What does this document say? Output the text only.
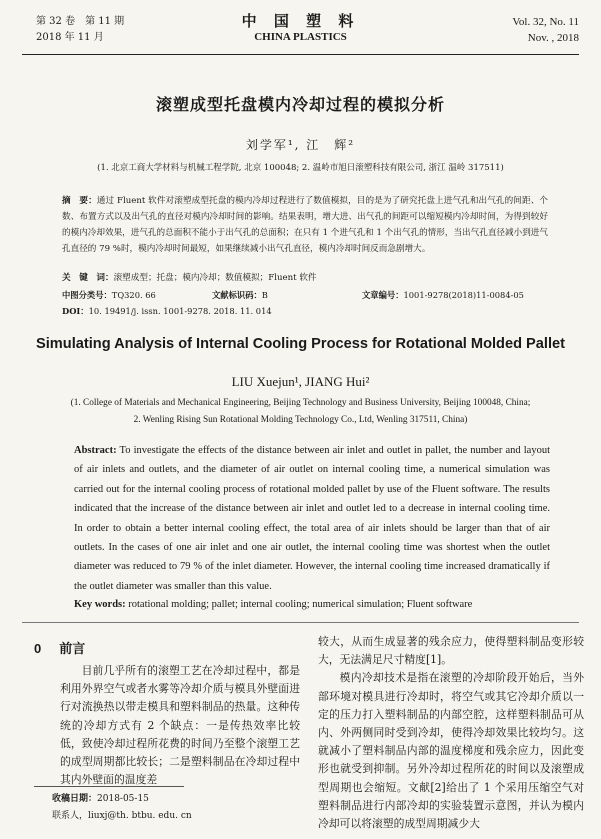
第 32 卷　第 11 期
2018 年 11 月
中 国 塑 料
CHINA PLASTICS
Vol. 32, No. 11
Nov. , 2018
滚塑成型托盘模内冷却过程的模拟分析
刘学军¹, 江　辉²
(1. 北京工商大学材料与机械工程学院, 北京 100048; 2. 温岭市旭日滚塑科技有限公司, 浙江 温岭 317511)
摘　要：通过 Fluent 软件对滚塑成型托盘的模内冷却过程进行了数值模拟，目的是为了研究托盘上进气孔和出气孔的间距、个数、布置方式以及出气孔的直径对模内冷却时间的影响。结果表明，增大进、出气孔的间距可以缩短模内冷却时间，为得到较好的模内冷却效果，进气孔的总面积不能小于出气孔的总面积；在只有 1 个进气孔和 1 个出气孔的情形，当出气孔直径减小到进气孔直径的 79 %时，模内冷却时间最短，如果继续减小出气孔直径，模内冷却时间反而急剧增大。
关　键　词：滚塑成型；托盘；模内冷却；数值模拟；Fluent 软件
中图分类号：TQ320. 66	文献标识码：B	文章编号：1001-9278(2018)11-0084-05
DOI：10. 19491/j. issn. 1001-9278. 2018. 11. 014
Simulating Analysis of Internal Cooling Process for Rotational Molded Pallet
LIU Xuejun¹, JIANG Hui²
(1. College of Materials and Mechanical Engineering, Beijing Technology and Business University, Beijing 100048, China;
2. Wenling Rising Sun Rotational Molding Technology Co., Ltd, Wenling 317511, China)
Abstract: To investigate the effects of the distance between air inlet and outlet in pallet, the number and layout of air inlets and outlets, and the diameter of air outlet on internal cooling time, a numerical simulation was carried out for the internal cooling process of rotational molded pallet by use of the Fluent software. The results indicated that the increase of the distance between air inlet and outlet led to a decrease in internal cooling time. In order to obtain a better internal cooling effect, the total area of air inlets should be larger than that of air outlets. In the cases of one air inlet and one air outlet, the internal cooling time was shortest when the outlet diameter was reduced to 79 % of the inlet diameter. However, the internal cooling time increased dramatically if the outlet diameter was smaller than this value.
Key words: rotational molding; pallet; internal cooling; numerical simulation; Fluent software
0 前言

目前几乎所有的滚塑工艺在冷却过程中，都是利用外界空气或者水雾等冷却介质与模具外壁面进行对流换热以带走模具和塑料制品的热量。这种传统的冷却方式有 2 个缺点：一是传热效率比较低，致使冷却过程所花费的时间乃至整个滚塑工艺的成型周期都比较长；二是塑料制品在冷却过程中其内外壁面的温度差

较大，从而生成显著的残余应力，使得塑料制品变形较大，无法满足尺寸精度[1]。

模内冷却技术是指在滚塑的冷却阶段开始后，当外部环境对模具进行冷却时，将空气或其它冷却介质以一定的压力打入塑料制品的内部空腔，这样塑料制品可从内、外两侧同时受到冷却，使得冷却效果比较均匀。这就减小了塑料制品内部的温度梯度和残余应力，因此变形也就受到抑制。另外冷却过程所花的时间以及滚塑成型周期也会缩短。文献[2]给出了 1 个采用压缩空气对塑料制品进行内部冷却的实验装置示意图，并认为模内冷却可以将滚塑的成型周期减少大

收稿日期：2018-05-15
联系人，liuxj@th. btbu. edu. cn
